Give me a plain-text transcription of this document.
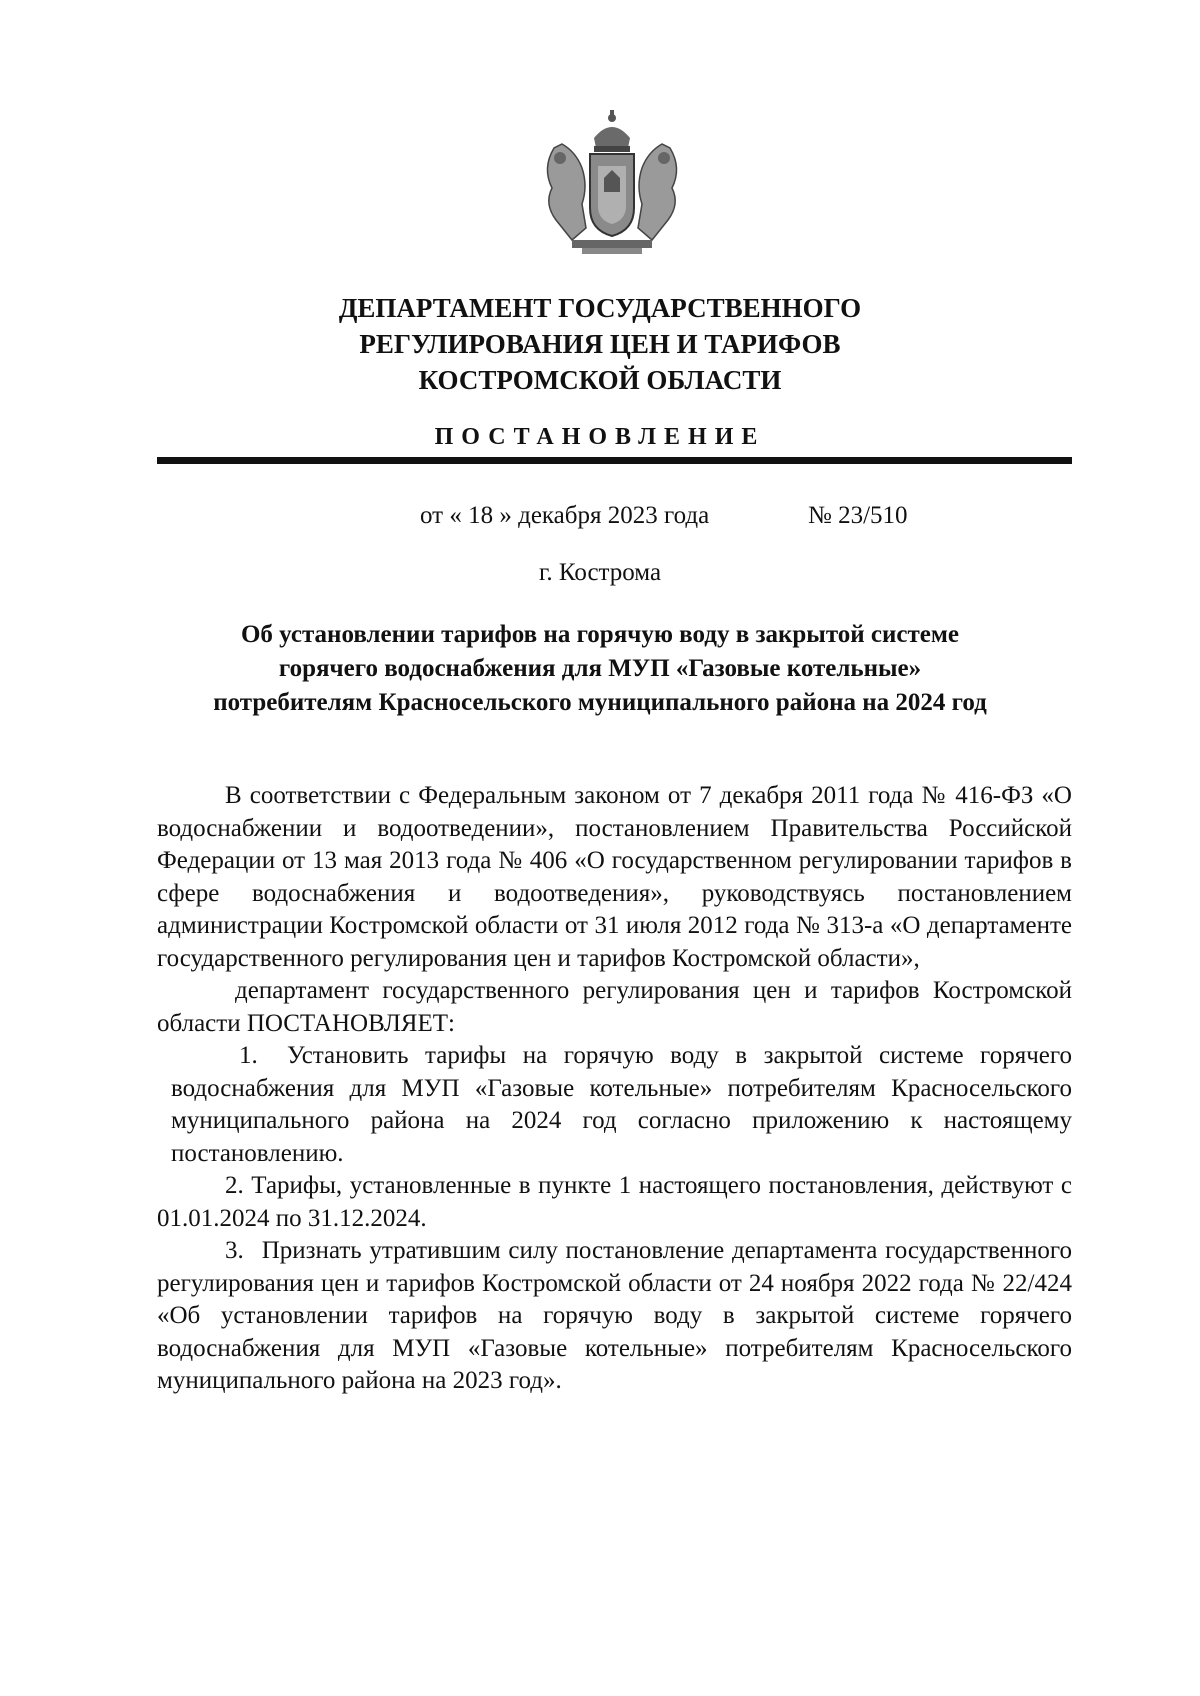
ДЕПАРТАМЕНТ ГОСУДАРСТВЕННОГО
РЕГУЛИРОВАНИЯ ЦЕН И ТАРИФОВ
КОСТРОМСКОЙ ОБЛАСТИ
ПОСТАНОВЛЕНИЕ
от « 18 » декабря 2023 года	№ 23/510
г. Кострома
Об установлении тарифов на горячую воду в закрытой системе
горячего водоснабжения для МУП «Газовые котельные»
потребителям Красносельского муниципального района на 2024 год

В соответствии с Федеральным законом от 7 декабря 2011 года № 416-ФЗ «О водоснабжении и водоотведении», постановлением Правительства Российской Федерации от 13 мая 2013 года № 406 «О государственном регулировании тарифов в сфере водоснабжения и водоотведения», руководствуясь постановлением администрации Костромской области от 31 июля 2012 года № 313-а «О департаменте государственного регулирования цен и тарифов Костромской области»,

департамент государственного регулирования цен и тарифов Костромской области ПОСТАНОВЛЯЕТ:

1. Установить тарифы на горячую воду в закрытой системе горячего водоснабжения для МУП «Газовые котельные» потребителям Красносельского муниципального района на 2024 год согласно приложению к настоящему постановлению.

2. Тарифы, установленные в пункте 1 настоящего постановления, действуют с 01.01.2024 по 31.12.2024.

3. Признать утратившим силу постановление департамента государственного регулирования цен и тарифов Костромской области от 24 ноября 2022 года № 22/424 «Об установлении тарифов на горячую воду в закрытой системе горячего водоснабжения для МУП «Газовые котельные» потребителям Красносельского муниципального района на 2023 год».
